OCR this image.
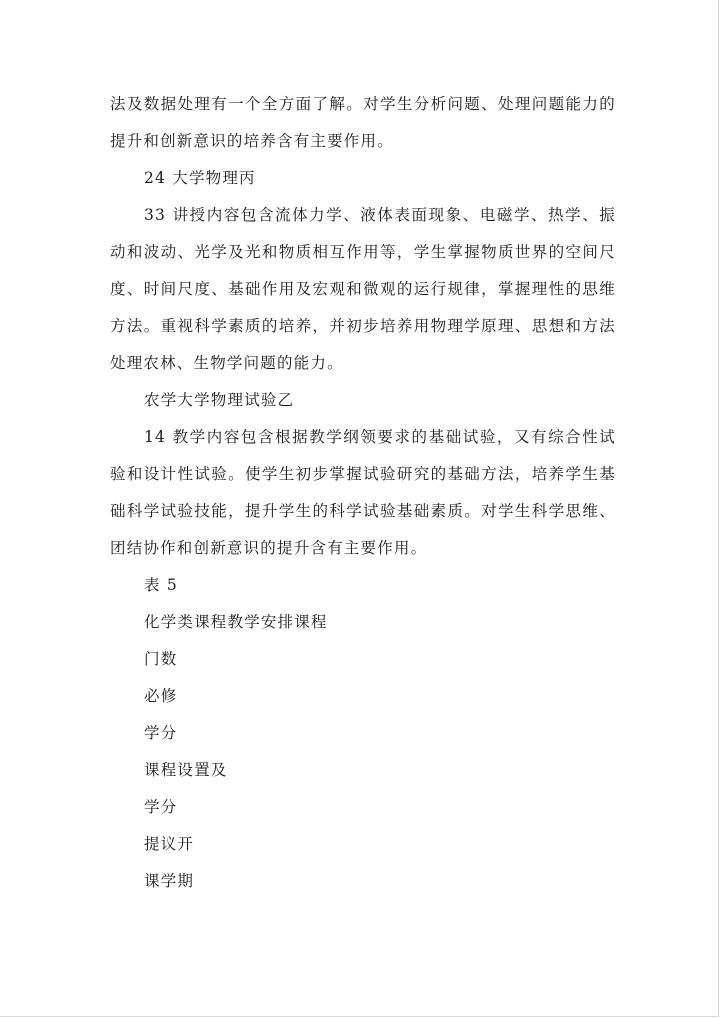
法及数据处理有一个全方面了解。对学生分析问题、处理问题能力的提升和创新意识的培养含有主要作用。

24 大学物理丙

33 讲授内容包含流体力学、液体表面现象、电磁学、热学、振动和波动、光学及光和物质相互作用等，学生掌握物质世界的空间尺度、时间尺度、基础作用及宏观和微观的运行规律，掌握理性的思维方法。重视科学素质的培养，并初步培养用物理学原理、思想和方法处理农林、生物学问题的能力。

农学大学物理试验乙

14 教学内容包含根据教学纲领要求的基础试验，又有综合性试验和设计性试验。使学生初步掌握试验研究的基础方法，培养学生基础科学试验技能，提升学生的科学试验基础素质。对学生科学思维、团结协作和创新意识的提升含有主要作用。

表 5

化学类课程教学安排课程

门数

必修

学分

课程设置及

学分

提议开

课学期
